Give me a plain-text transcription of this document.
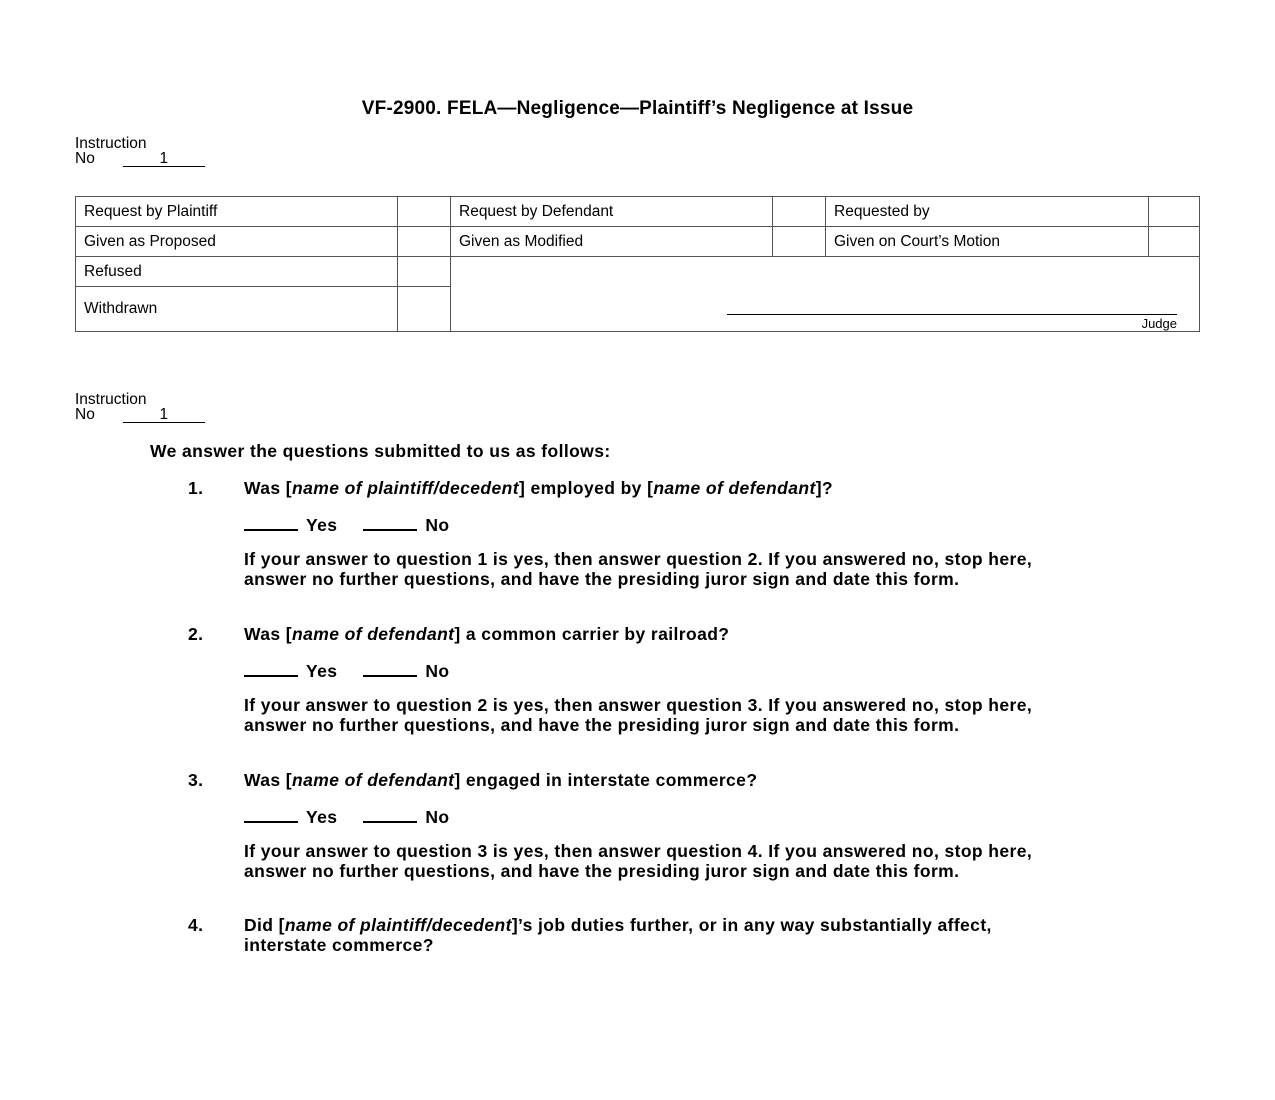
VF-2900. FELA—Negligence—Plaintiff’s Negligence at Issue
Instruction
No	1
Request by Plaintiff		Request by Defendant		Requested by	
Given as Proposed		Given as Modified		Given on Court’s Motion	
Refused		Judge			

Withdrawn					
Instruction
No	1
We answer the questions submitted to us as follows:
1. Was [name of plaintiff/decedent] employed by [name of defendant]?
Yes	No
If your answer to question 1 is yes, then answer question 2. If you answered no, stop here, answer no further questions, and have the presiding juror sign and date this form.
2. Was [name of defendant] a common carrier by railroad?
Yes	No
If your answer to question 2 is yes, then answer question 3. If you answered no, stop here, answer no further questions, and have the presiding juror sign and date this form.
3. Was [name of defendant] engaged in interstate commerce?
Yes	No
If your answer to question 3 is yes, then answer question 4. If you answered no, stop here, answer no further questions, and have the presiding juror sign and date this form.
4. Did [name of plaintiff/decedent]’s job duties further, or in any way substantially affect, interstate commerce?
